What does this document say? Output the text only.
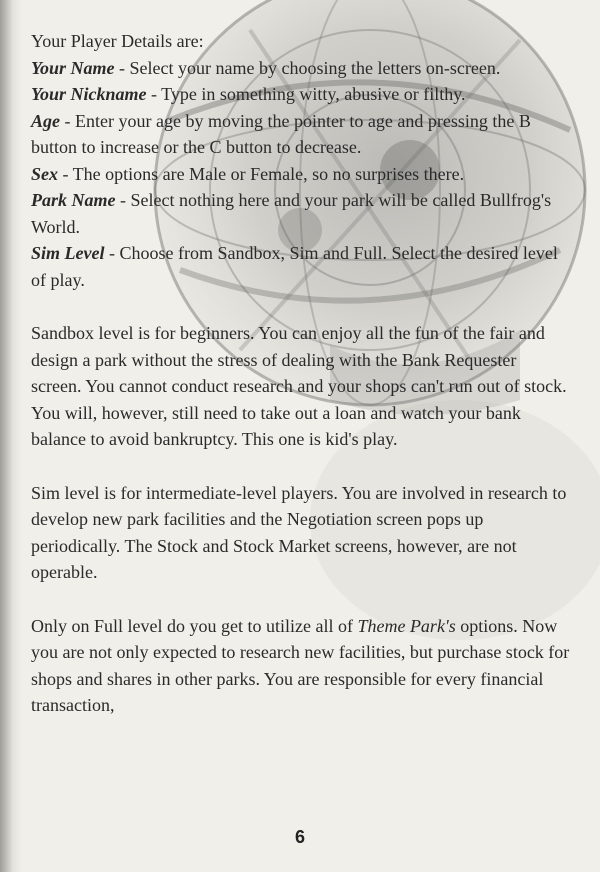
Your Player Details are:

Your Name - Select your name by choosing the letters on-screen.

Your Nickname - Type in something witty, abusive or filthy.

Age - Enter your age by moving the pointer to age and pressing the B button to increase or the C button to decrease.

Sex - The options are Male or Female, so no surprises there.

Park Name - Select nothing here and your park will be called Bullfrog's World.

Sim Level - Choose from Sandbox, Sim and Full. Select the desired level of play.

Sandbox level is for beginners. You can enjoy all the fun of the fair and design a park without the stress of dealing with the Bank Requester screen. You cannot conduct research and your shops can't run out of stock. You will, however, still need to take out a loan and watch your bank balance to avoid bankruptcy. This one is kid's play.

Sim level is for intermediate-level players. You are involved in research to develop new park facilities and the Negotiation screen pops up periodically. The Stock and Stock Market screens, however, are not operable.

Only on Full level do you get to utilize all of Theme Park's options. Now you are not only expected to research new facilities, but purchase stock for shops and shares in other parks. You are responsible for every financial transaction,

6
